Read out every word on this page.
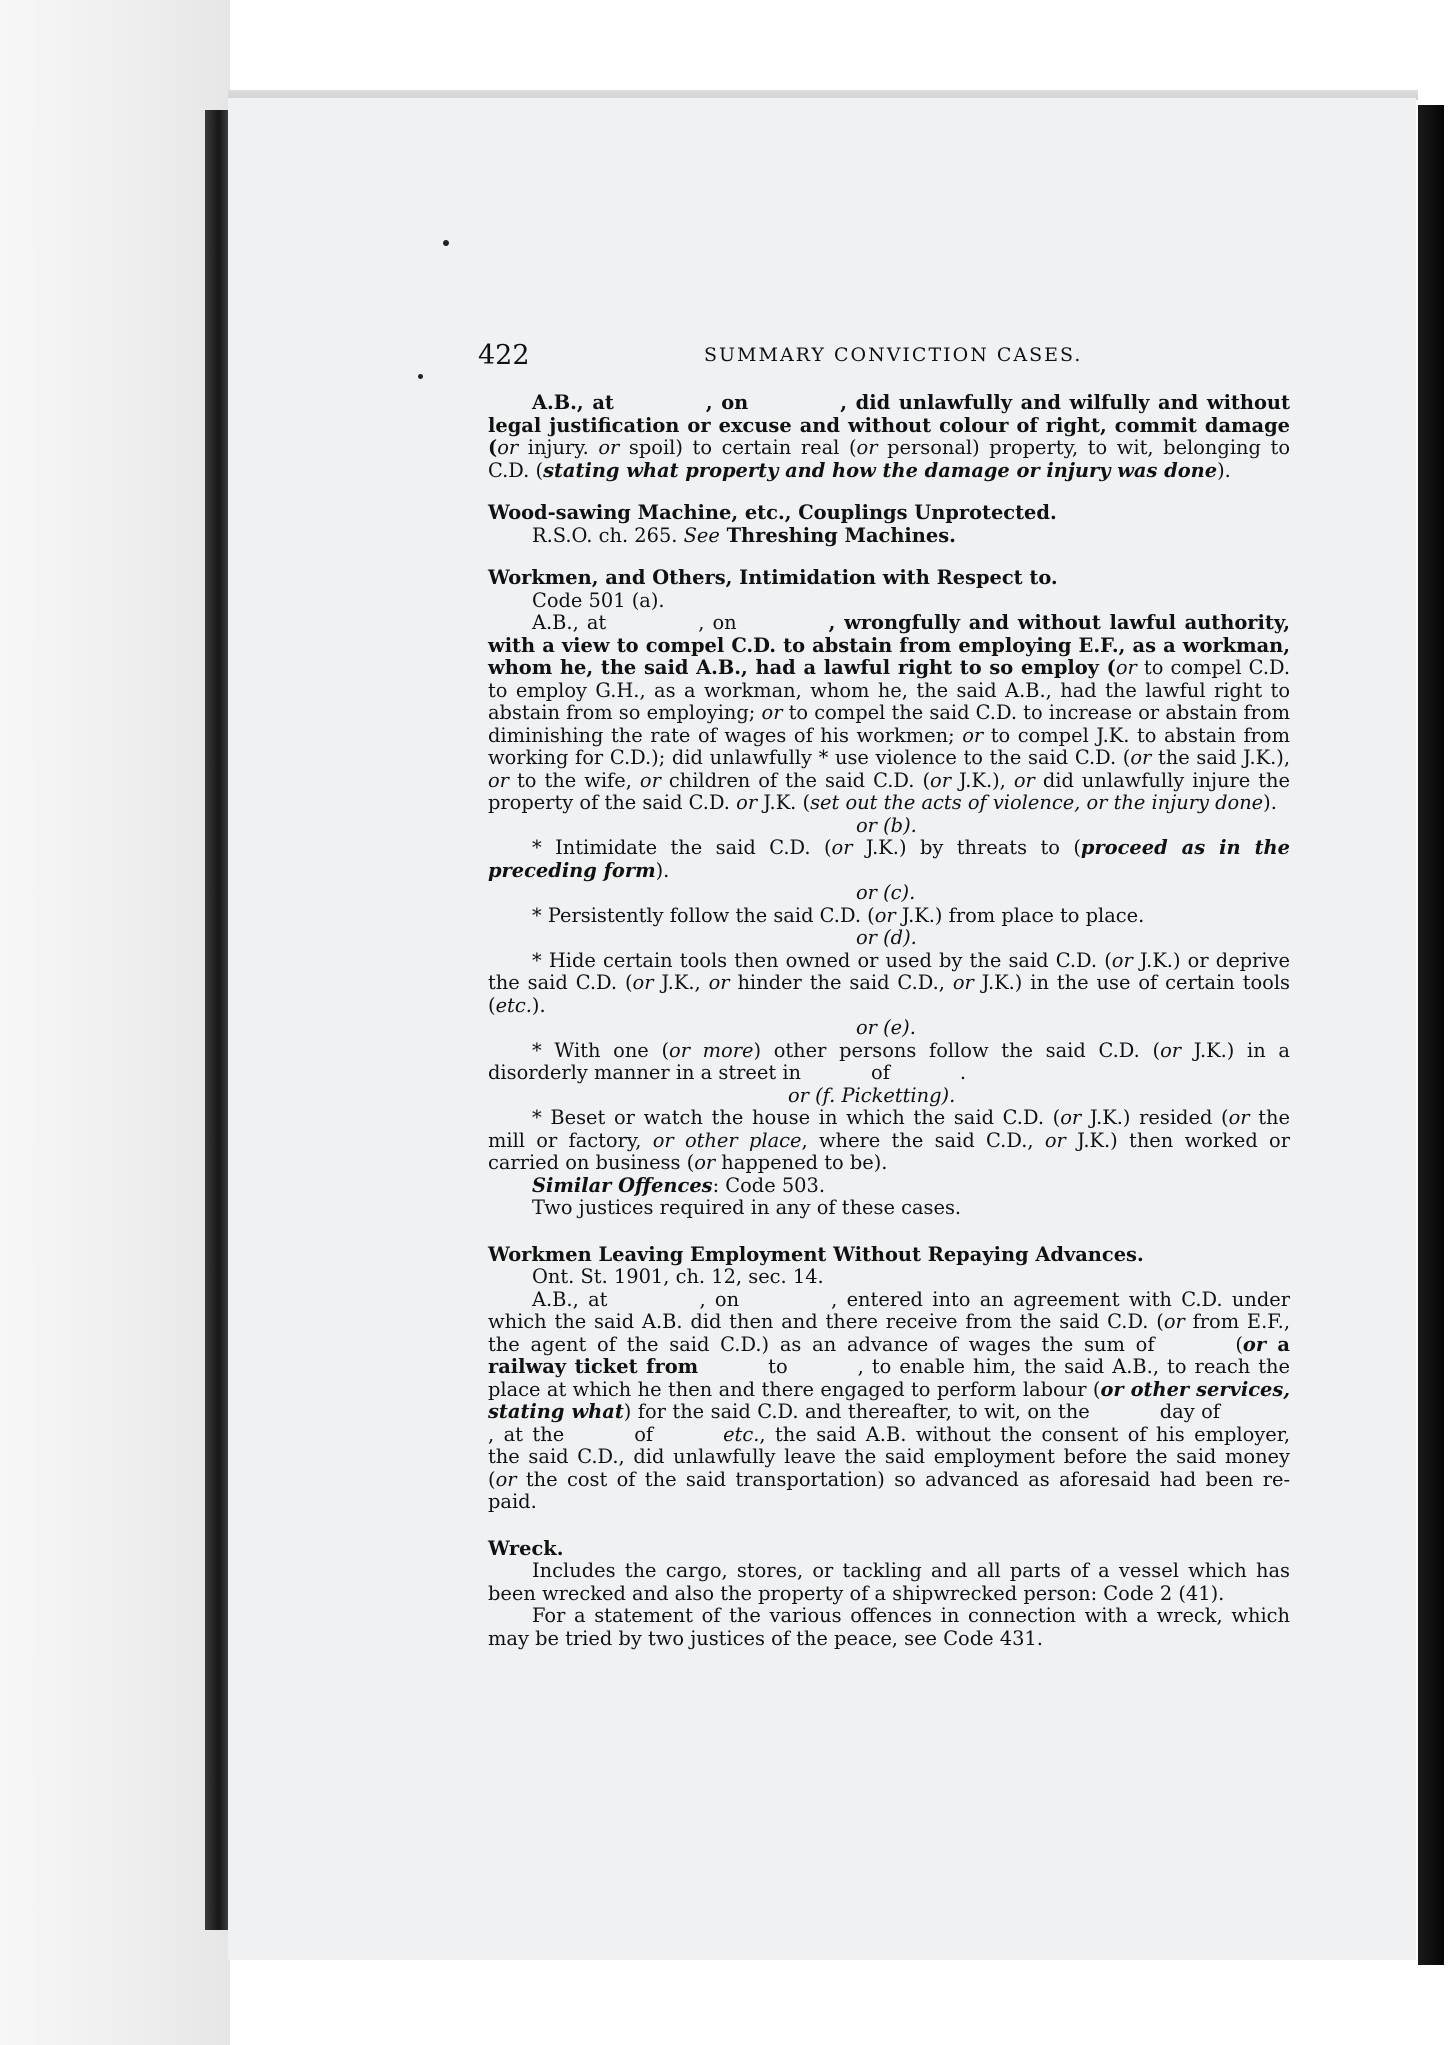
422	SUMMARY CONVICTION CASES.

A.B., at	, on	, did unlawfully and wilfully and without legal justification or excuse and without colour of right, commit damage (or injury. or spoil) to certain real (or personal) property, to wit, belonging to C.D. (stating what property and how the damage or injury was done).

Wood-sawing Machine, etc., Couplings Unprotected.

R.S.O. ch. 265. See Threshing Machines.

Workmen, and Others, Intimidation with Respect to.

Code 501 (a).

A.B., at	, on	, wrongfully and without lawful authority, with a view to compel C.D. to abstain from employing E.F., as a workman, whom he, the said A.B., had a lawful right to so employ (or to compel C.D. to employ G.H., as a workman, whom he, the said A.B., had the lawful right to abstain from so employing; or to compel the said C.D. to increase or abstain from diminishing the rate of wages of his workmen; or to compel J.K. to abstain from working for C.D.); did unlawfully * use violence to the said C.D. (or the said J.K.), or to the wife, or children of the said C.D. (or J.K.), or did unlawfully injure the property of the said C.D. or J.K. (set out the acts of violence, or the injury done).

or (b).

* Intimidate the said C.D. (or J.K.) by threats to (proceed as in the preceding form).

or (c).

* Persistently follow the said C.D. (or J.K.) from place to place.

or (d).

* Hide certain tools then owned or used by the said C.D. (or J.K.) or deprive the said C.D. (or J.K., or hinder the said C.D., or J.K.) in the use of certain tools (etc.).

or (e).

* With one (or more) other persons follow the said C.D. (or J.K.) in a disorderly manner in a street in	of	.

or (f. Picketting).

* Beset or watch the house in which the said C.D. (or J.K.) resided (or the mill or factory, or other place, where the said C.D., or J.K.) then worked or carried on business (or happened to be).

Similar Offences: Code 503.

Two justices required in any of these cases.

Workmen Leaving Employment Without Repaying Advances.

Ont. St. 1901, ch. 12, sec. 14.

A.B., at	, on	, entered into an agreement with C.D. under which the said A.B. did then and there receive from the said C.D. (or from E.F., the agent of the said C.D.) as an advance of wages the sum of	(or a railway ticket from	to	, to enable him, the said A.B., to reach the place at which he then and there engaged to perform labour (or other services, stating what) for the said C.D. and thereafter, to wit, on the	day of, at the	of	etc., the said A.B. without the consent of his employer, the said C.D., did unlawfully leave the said employment before the said money (or the cost of the said transportation) so advanced as aforesaid had been re-paid.

Wreck.

Includes the cargo, stores, or tackling and all parts of a vessel which has been wrecked and also the property of a shipwrecked person: Code 2 (41).

For a statement of the various offences in connection with a wreck, which may be tried by two justices of the peace, see Code 431.
